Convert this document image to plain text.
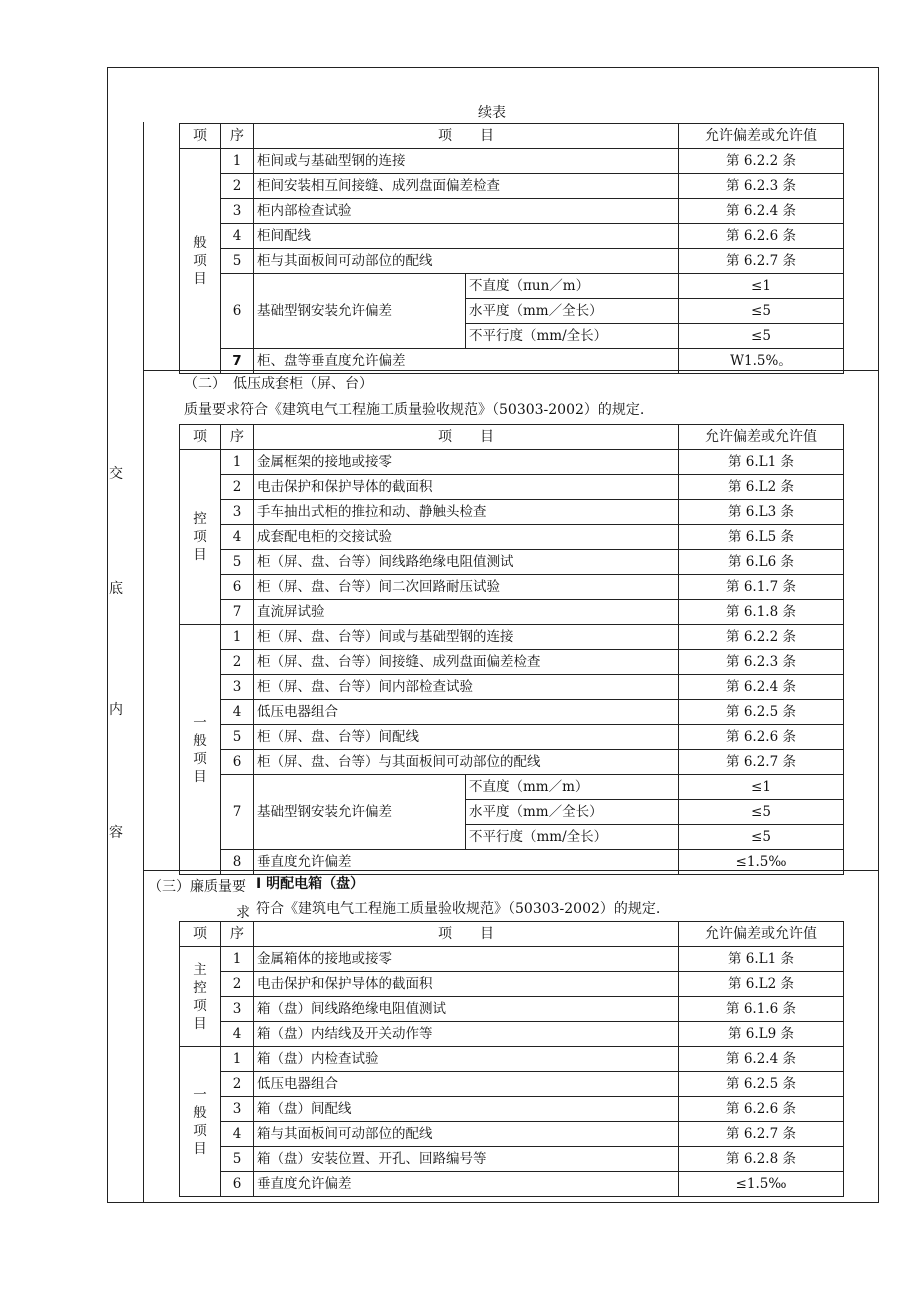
续表
交
底
内
容
项	序	项　　目		允许偏差或允许值
般项目	1	柜间或与基础型钢的连接		第 6.2.2 条
	2	柜间安装相互间接缝、成列盘面偏差检查		第 6.2.3 条
	3	柜内部检查试验		第 6.2.4 条
	4	柜间配线		第 6.2.6 条
	5	柜与其面板间可动部位的配线		第 6.2.7 条
	6	基础型钢安装允许偏差	不直度（πun／m）	≤1
			水平度（mm／全长）	≤5
			不平行度（mm/全长）	≤5
	7	柜、盘等垂直度允许偏差		W1.5%。
（二）　低压成套柜（屏、台）
质量要求符合《建筑电气工程施工质量验收规范》（50303-2002）的规定.
项	序	项　　目		允许偏差或允许值
控项目	1	金属框架的接地或接零		第 6.L1 条
	2	电击保护和保护导体的截面积		第 6.L2 条
	3	手车抽出式柜的推拉和动、静触头检查		第 6.L3 条
	4	成套配电柜的交接试验		第 6.L5 条
	5	柜（屏、盘、台等）间线路绝缘电阻值测试		第 6.L6 条
	6	柜（屏、盘、台等）间二次回路耐压试验		第 6.1.7 条
	7	直流屏试验		第 6.1.8 条
一般项目	1	柜（屏、盘、台等）间或与基础型钢的连接		第 6.2.2 条
	2	柜（屏、盘、台等）间接缝、成列盘面偏差检查		第 6.2.3 条
	3	柜（屏、盘、台等）间内部检查试验		第 6.2.4 条
	4	低压电器组合		第 6.2.5 条
	5	柜（屏、盘、台等）间配线		第 6.2.6 条
	6	柜（屏、盘、台等）与其面板间可动部位的配线		第 6.2.7 条
	7	基础型钢安装允许偏差	不直度（mm／m）	≤1
			水平度（mm／全长）	≤5
			不平行度（mm/全长）	≤5
	8	垂直度允许偏差		≤1.5‰
（三）廉质量要
求
I 明配电箱（盘）
符合《建筑电气工程施工质量验收规范》（50303-2002）的规定.
项	序	项　　目	允许偏差或允许值
主控项目	1	金属箱体的接地或接零	第 6.L1 条
	2	电击保护和保护导体的截面积	第 6.L2 条
	3	箱（盘）间线路绝缘电阻值测试	第 6.1.6 条
	4	箱（盘）内结线及开关动作等	第 6.L9 条
一般项目	1	箱（盘）内检查试验	第 6.2.4 条
	2	低压电器组合	第 6.2.5 条
	3	箱（盘）间配线	第 6.2.6 条
	4	箱与其面板间可动部位的配线	第 6.2.7 条
	5	箱（盘）安装位置、开孔、回路编号等	第 6.2.8 条
	6	垂直度允许偏差	≤1.5‰
